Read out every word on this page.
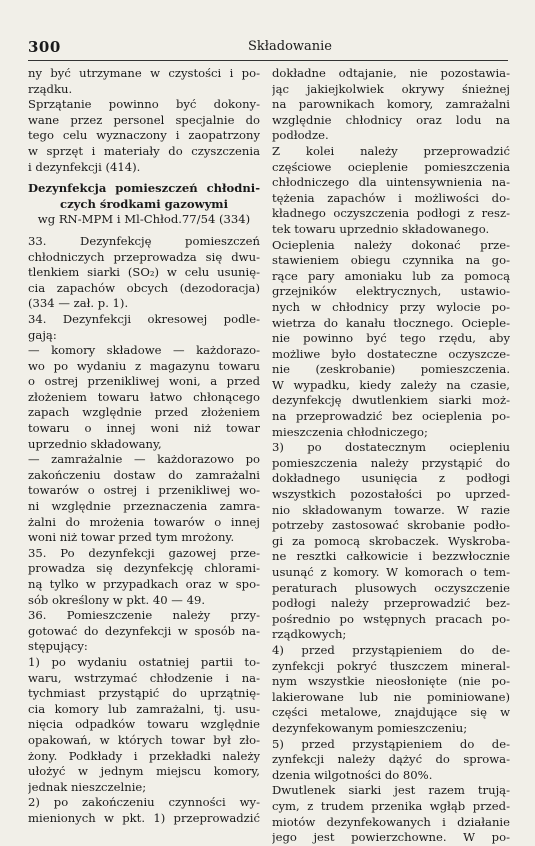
300	Składowanie
ny być utrzymane w czystości i po-
rządku.
Sprzątanie powinno być dokony-
wane przez personel specjalnie do
tego celu wyznaczony i zaopatrzony
w sprzęt i materiały do czyszczenia
i dezynfekcji (414).
Dezynfekcja pomieszczeń chłodni-
czych środkami gazowymi
wg RN-MPM i Ml-Chłod.77/54 (334)
33. Dezynfekcję pomieszczeń
chłodniczych przeprowadza się dwu-
tlenkiem siarki (SO₂) w celu usunię-
cia zapachów obcych (dezodoracja)
(334 — zał. p. 1).
34. Dezynfekcji okresowej podle-
gają:
— komory składowe — każdorazo-
wo po wydaniu z magazynu towaru
o ostrej przenikliwej woni, a przed
złożeniem towaru łatwo chłonącego
zapach względnie przed złożeniem
towaru o innej woni niż towar
uprzednio składowany,
— zamrażalnie — każdorazowo po
zakończeniu dostaw do zamrażalni
towarów o ostrej i przenikliwej wo-
ni względnie przeznaczenia zamra-
żalni do mrożenia towarów o innej
woni niż towar przed tym mrożony.
35. Po dezynfekcji gazowej prze-
prowadza się dezynfekcję chlorami-
ną tylko w przypadkach oraz w spo-
sób określony w pkt. 40 — 49.
36. Pomieszczenie należy przy-
gotować do dezynfekcji w sposób na-
stępujący:
1) po wydaniu ostatniej partii to-
waru, wstrzymać chłodzenie i na-
tychmiast przystąpić do uprzątnię-
cia komory lub zamrażalni, tj. usu-
nięcia odpadków towaru względnie
opakowań, w których towar był zło-
żony. Podkłady i przekładki należy
ułożyć w jednym miejscu komory,
jednak nieszczelnie;
2) po zakończeniu czynności wy-
mienionych w pkt. 1) przeprowadzić
dokładne odtajanie, nie pozostawia-
jąc jakiejkolwiek okrywy śnieżnej
na parownikach komory, zamrażalni
względnie chłodnicy oraz lodu na
podłodze.
Z kolei należy przeprowadzić
częściowe ocieplenie pomieszczenia
chłodniczego dla uintensywnienia na-
tężenia zapachów i możliwości do-
kładnego oczyszczenia podłogi z resz-
tek towaru uprzednio składowanego.
Ocieplenia należy dokonać prze-
stawieniem obiegu czynnika na go-
rące pary amoniaku lub za pomocą
grzejników elektrycznych, ustawio-
nych w chłodnicy przy wylocie po-
wietrza do kanału tłocznego. Ocieple-
nie powinno być tego rzędu, aby
możliwe było dostateczne oczyszcze-
nie (zeskrobanie) pomieszczenia.
W wypadku, kiedy zależy na czasie,
dezynfekcję dwutlenkiem siarki moż-
na przeprowadzić bez ocieplenia po-
mieszczenia chłodniczego;
3) po dostatecznym ociepleniu
pomieszczenia należy przystąpić do
dokładnego usunięcia z podłogi
wszystkich pozostałości po uprzed-
nio składowanym towarze. W razie
potrzeby zastosować skrobanie podło-
gi za pomocą skrobaczek. Wyskroba-
ne resztki całkowicie i bezzwłocznie
usunąć z komory. W komorach o tem-
peraturach plusowych oczyszczenie
podłogi należy przeprowadzić bez-
pośrednio po wstępnych pracach po-
rządkowych;
4) przed przystąpieniem do de-
zynfekcji pokryć tłuszczem mineral-
nym wszystkie nieosłonięte (nie po-
lakierowane lub nie pominiowane)
części metalowe, znajdujące się w
dezynfekowanym pomieszczeniu;
5) przed przystąpieniem do de-
zynfekcji należy dążyć do sprowa-
dzenia wilgotności do 80%.
Dwutlenek siarki jest razem trują-
cym, z trudem przenika wgłąb przed-
miotów dezynfekowanych i działanie
jego jest powierzchowne. W po-
